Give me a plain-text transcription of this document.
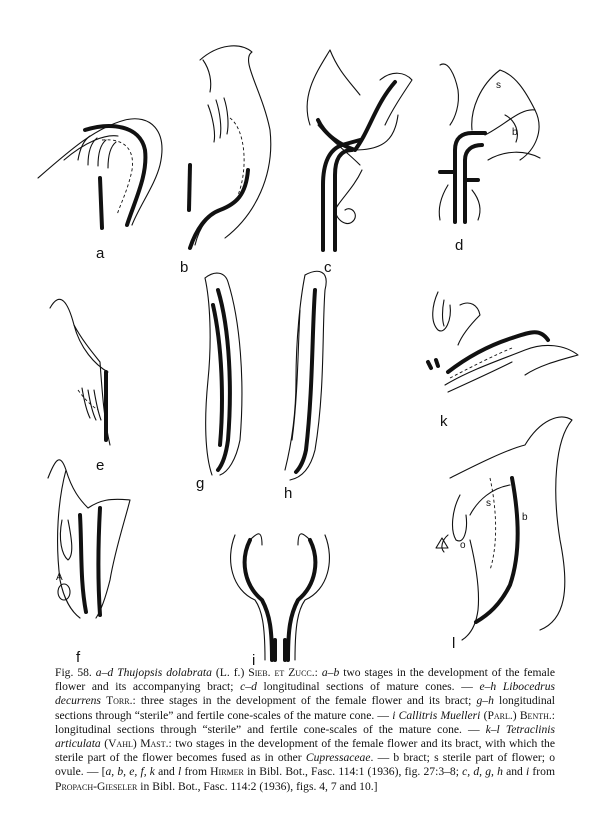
a
b	c
s
b
d
e
g
h
k
A
f	i
s
b
o
l
Fig. 58. a–d Thujopsis dolabrata (L. f.) Sieb. et Zucc.: a–b two stages in the development of the female flower and its accompanying bract; c–d longitudinal sections of mature cones. — e–h Libocedrus decurrens Torr.: three stages in the development of the female flower and its bract; g–h longitudinal sections through “sterile” and fertile cone-scales of the mature cone. — i Callitris Muelleri (Parl.) Benth.: longitudinal sections through “sterile” and fertile cone-scales of the mature cone. — k–l Tetraclinis articulata (Vahl) Mast.: two stages in the development of the female flower and its bract, with which the sterile part of the flower becomes fused as in other Cupressaceae. — b bract; s sterile part of flower; o ovule. — [a, b, e, f, k and l from Hirmer in Bibl. Bot., Fasc. 114:1 (1936), fig. 27:3–8; c, d, g, h and i from Propach-Gieseler in Bibl. Bot., Fasc. 114:2 (1936), figs. 4, 7 and 10.]
